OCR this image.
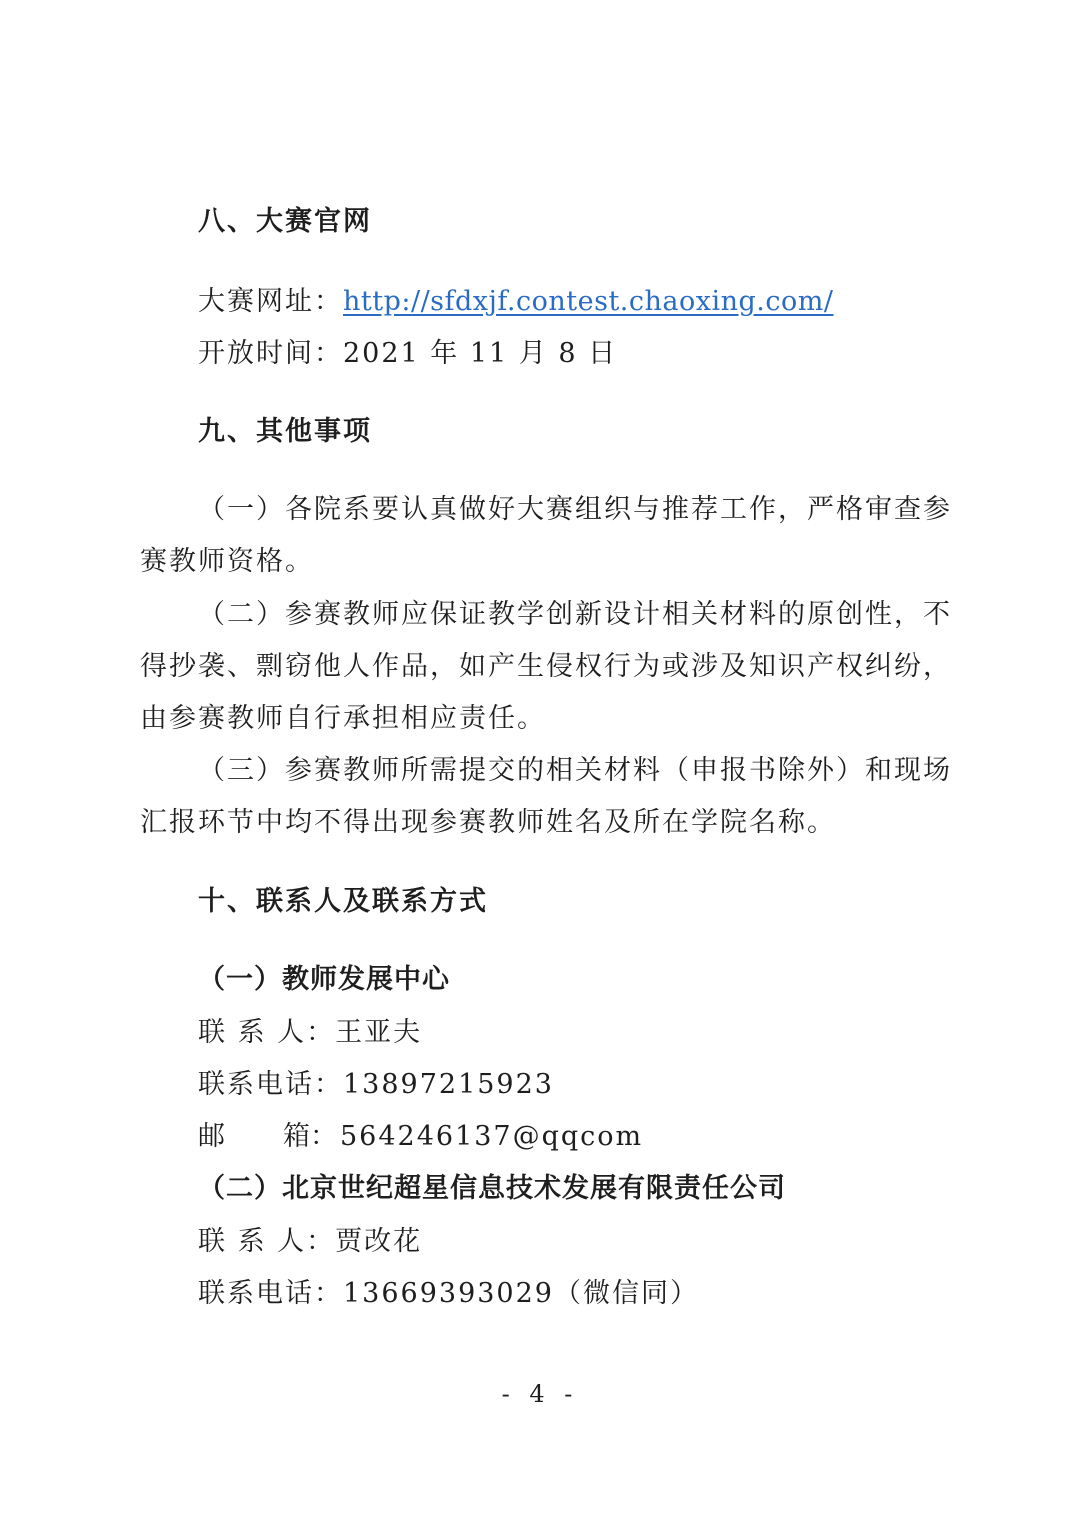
八、大赛官网
大赛网址：http://sfdxjf.contest.chaoxing.com/
开放时间：2021 年 11 月 8 日
九、其他事项
（一）各院系要认真做好大赛组织与推荐工作，严格审查参
赛教师资格。
（二）参赛教师应保证教学创新设计相关材料的原创性，不
得抄袭、剽窃他人作品，如产生侵权行为或涉及知识产权纠纷，
由参赛教师自行承担相应责任。
（三）参赛教师所需提交的相关材料（申报书除外）和现场
汇报环节中均不得出现参赛教师姓名及所在学院名称。
十、联系人及联系方式
（一）教师发展中心
联 系 人：王亚夫
联系电话：13897215923
邮 箱： 564246137@qqcom
（二）北京世纪超星信息技术发展有限责任公司
联 系 人：贾改花
联系电话：13669393029（微信同）
- 4 -
